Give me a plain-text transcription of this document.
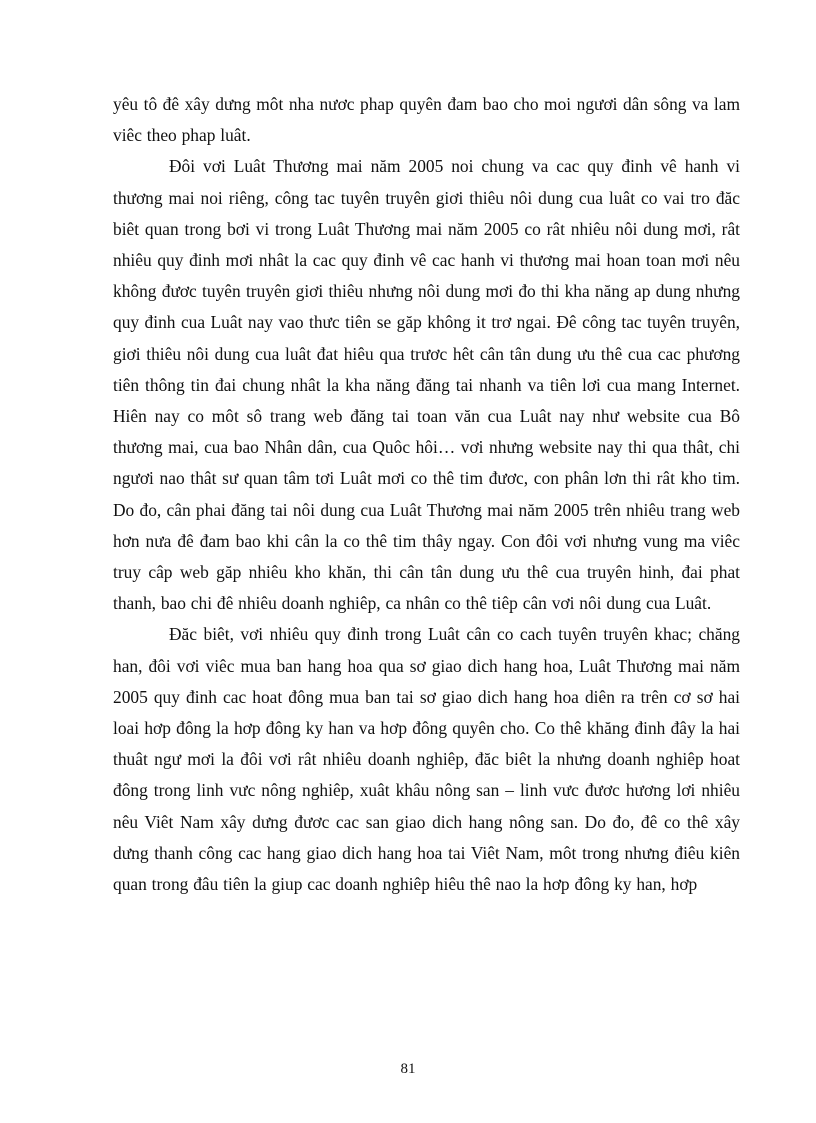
yêu tô đê xây dưng môt nha nươc phap quyên đam bao cho moi ngươi dân sông va lam viêc theo phap luât.

Đôi vơi Luât Thương mai năm 2005 noi chung va cac quy đinh vê hanh vi thương mai noi riêng, công tac tuyên truyên giơi thiêu nôi dung cua luât co vai tro đăc biêt quan trong bơi vi trong Luât Thương mai năm 2005 co rât nhiêu nôi dung mơi, rât nhiêu quy đinh mơi nhât la cac quy đinh vê cac hanh vi thương mai hoan toan mơi nêu không đươc tuyên truyên giơi thiêu nhưng nôi dung mơi đo thi kha năng ap dung nhưng quy đinh cua Luât nay vao thưc tiên se găp không it trơ ngai. Đê công tac tuyên truyên, giơi thiêu nôi dung cua luât đat hiêu qua trươc hêt cân tân dung ưu thê cua cac phương tiên thông tin đai chung nhât la kha năng đăng tai nhanh va tiên lơi cua mang Internet. Hiên nay co môt sô trang web đăng tai toan văn cua Luât nay như website cua Bô thương mai, cua bao Nhân dân, cua Quôc hôi… vơi nhưng website nay thi qua thât, chi ngươi nao thât sư quan tâm tơi Luât mơi co thê tim đươc, con phân lơn thi rât kho tim. Do đo, cân phai đăng tai nôi dung cua Luât Thương mai năm 2005 trên nhiêu trang web hơn nưa đê đam bao khi cân la co thê tim thây ngay. Con đôi vơi nhưng vung ma viêc truy câp web găp nhiêu kho khăn, thi cân tân dung ưu thê cua truyên hinh, đai phat thanh, bao chi đê nhiêu doanh nghiêp, ca nhân co thê tiêp cân vơi nôi dung cua Luât.

Đăc biêt, vơi nhiêu quy đinh trong Luât cân co cach tuyên truyên khac; chăng han, đôi vơi viêc mua ban hang hoa qua sơ giao dich hang hoa, Luât Thương mai năm 2005 quy đinh cac hoat đông mua ban tai sơ giao dich hang hoa diên ra trên cơ sơ hai loai hơp đông la hơp đông ky han va hơp đông quyên cho. Co thê khăng đinh đây la hai thuât ngư mơi la đôi vơi rât nhiêu doanh nghiêp, đăc biêt la nhưng doanh nghiêp hoat đông trong linh vưc nông nghiêp, xuât khâu nông san – linh vưc đươc hương lơi nhiêu nêu Viêt Nam xây dưng đươc cac san giao dich hang nông san. Do đo, đê co thê xây dưng thanh công cac hang giao dich hang hoa tai Viêt Nam, môt trong nhưng điêu kiên quan trong đâu tiên la giup cac doanh nghiêp hiêu thê nao la hơp đông ky han, hơp

81
